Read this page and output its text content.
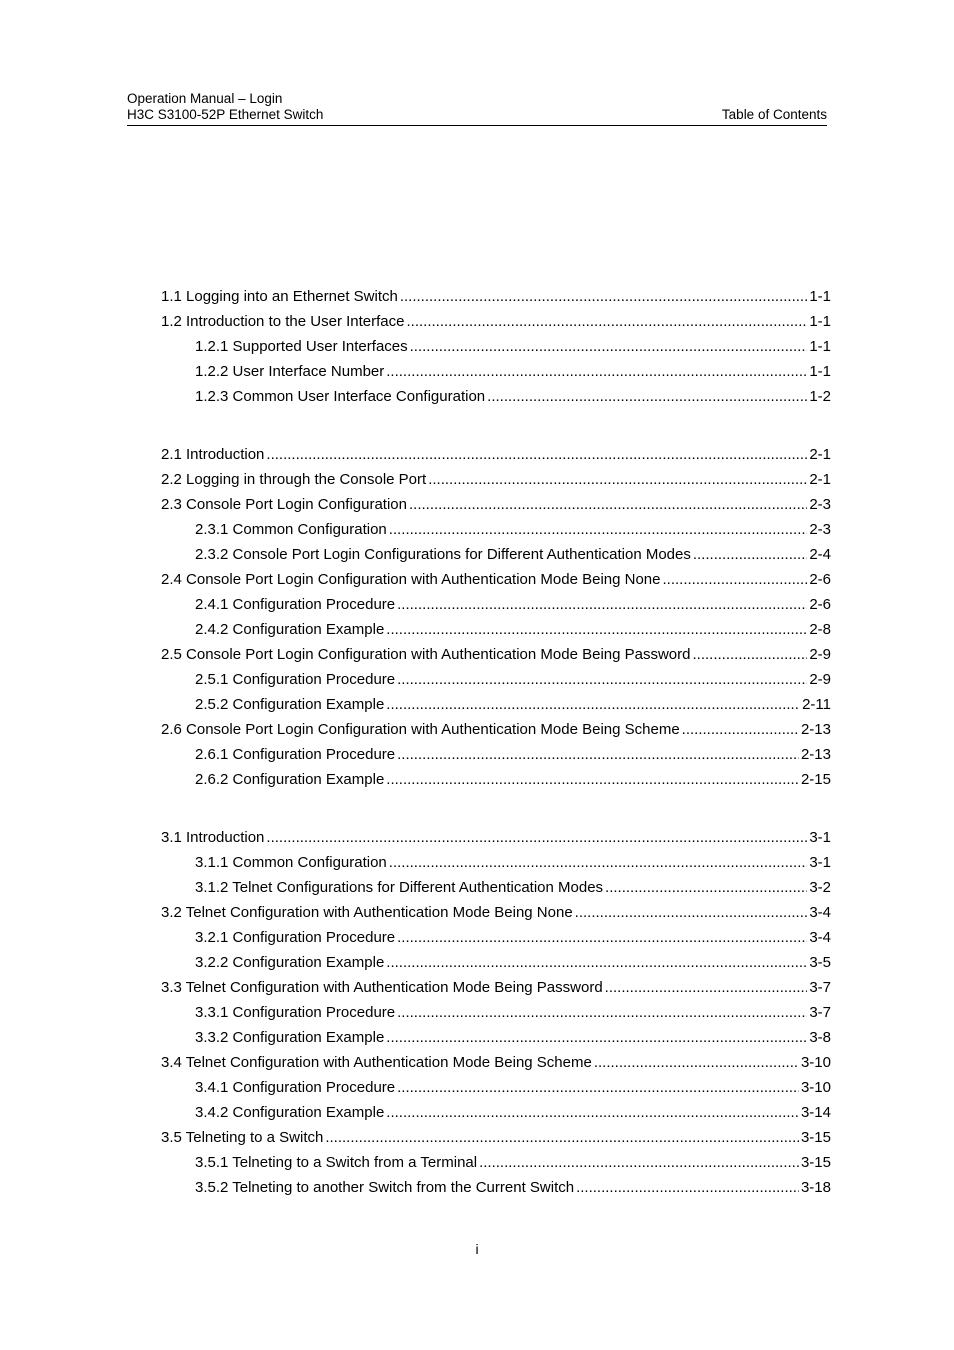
Operation Manual – Login
H3C S3100-52P Ethernet Switch	Table of Contents
1.1 Logging into an Ethernet Switch .....	1-1
1.2 Introduction to the User Interface .....	1-1
1.2.1 Supported User Interfaces .....	1-1
1.2.2 User Interface Number .....	1-1
1.2.3 Common User Interface Configuration .....	1-2
2.1 Introduction .....	2-1
2.2 Logging in through the Console Port .....	2-1
2.3 Console Port Login Configuration .....	2-3
2.3.1 Common Configuration .....	2-3
2.3.2 Console Port Login Configurations for Different Authentication Modes .....	2-4
2.4 Console Port Login Configuration with Authentication Mode Being None .....	2-6
2.4.1 Configuration Procedure .....	2-6
2.4.2 Configuration Example .....	2-8
2.5 Console Port Login Configuration with Authentication Mode Being Password .....	2-9
2.5.1 Configuration Procedure .....	2-9
2.5.2 Configuration Example .....	2-11
2.6 Console Port Login Configuration with Authentication Mode Being Scheme .....	2-13
2.6.1 Configuration Procedure .....	2-13
2.6.2 Configuration Example .....	2-15
3.1 Introduction .....	3-1
3.1.1 Common Configuration .....	3-1
3.1.2 Telnet Configurations for Different Authentication Modes .....	3-2
3.2 Telnet Configuration with Authentication Mode Being None .....	3-4
3.2.1 Configuration Procedure .....	3-4
3.2.2 Configuration Example .....	3-5
3.3 Telnet Configuration with Authentication Mode Being Password .....	3-7
3.3.1 Configuration Procedure .....	3-7
3.3.2 Configuration Example .....	3-8
3.4 Telnet Configuration with Authentication Mode Being Scheme .....	3-10
3.4.1 Configuration Procedure .....	3-10
3.4.2 Configuration Example .....	3-14
3.5 Telneting to a Switch .....	3-15
3.5.1 Telneting to a Switch from a Terminal .....	3-15
3.5.2 Telneting to another Switch from the Current Switch .....	3-18
i
